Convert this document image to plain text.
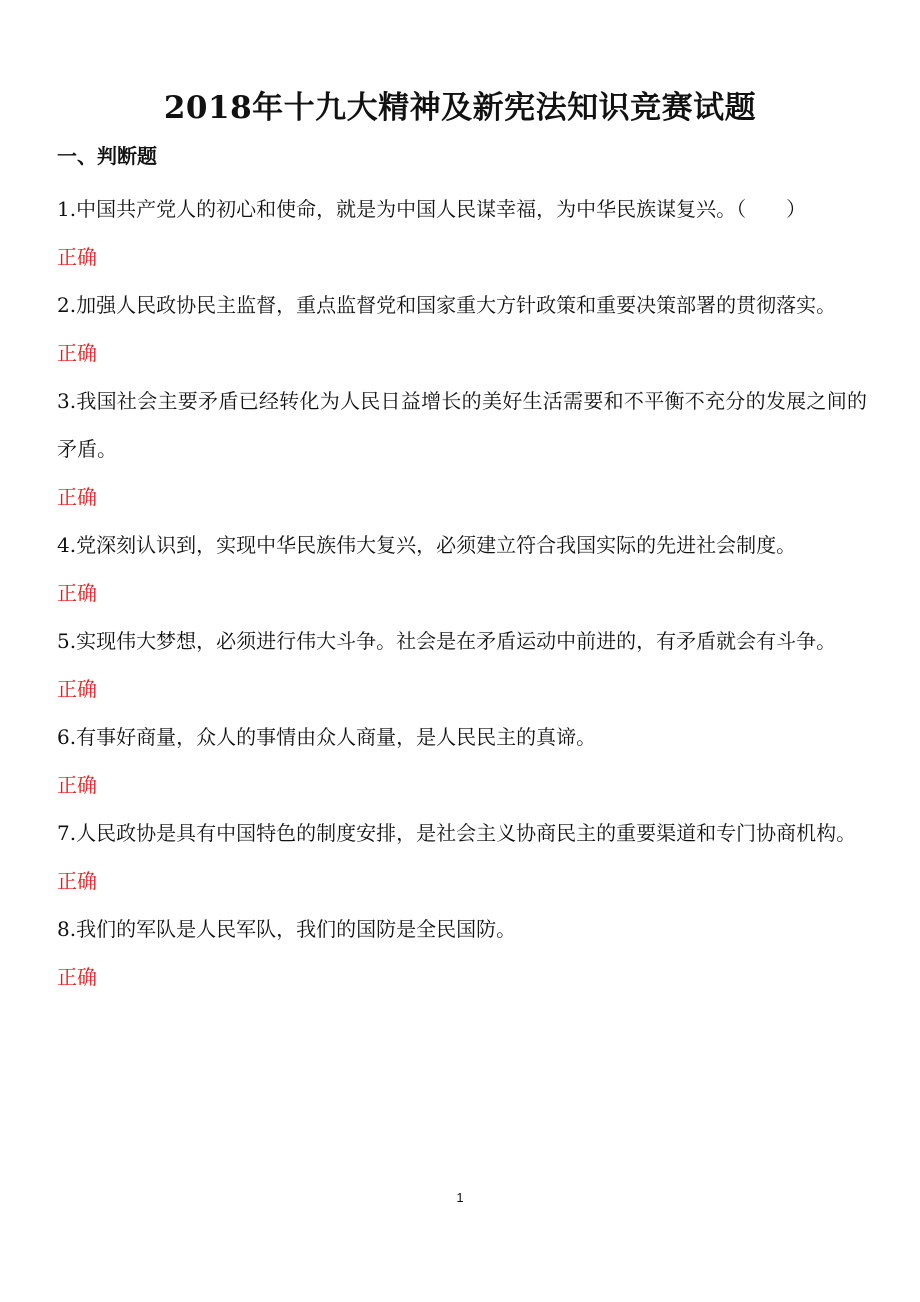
2018年十九大精神及新宪法知识竞赛试题
一、判断题

1.中国共产党人的初心和使命，就是为中国人民谋幸福，为中华民族谋复兴。（　　）

正确

2.加强人民政协民主监督，重点监督党和国家重大方针政策和重要决策部署的贯彻落实。

正确

3.我国社会主要矛盾已经转化为人民日益增长的美好生活需要和不平衡不充分的发展之间的矛盾。

正确

4.党深刻认识到，实现中华民族伟大复兴，必须建立符合我国实际的先进社会制度。

正确

5.实现伟大梦想，必须进行伟大斗争。社会是在矛盾运动中前进的，有矛盾就会有斗争。

正确

6.有事好商量，众人的事情由众人商量，是人民民主的真谛。

正确

7.人民政协是具有中国特色的制度安排，是社会主义协商民主的重要渠道和专门协商机构。

正确

8.我们的军队是人民军队，我们的国防是全民国防。

正确

1
